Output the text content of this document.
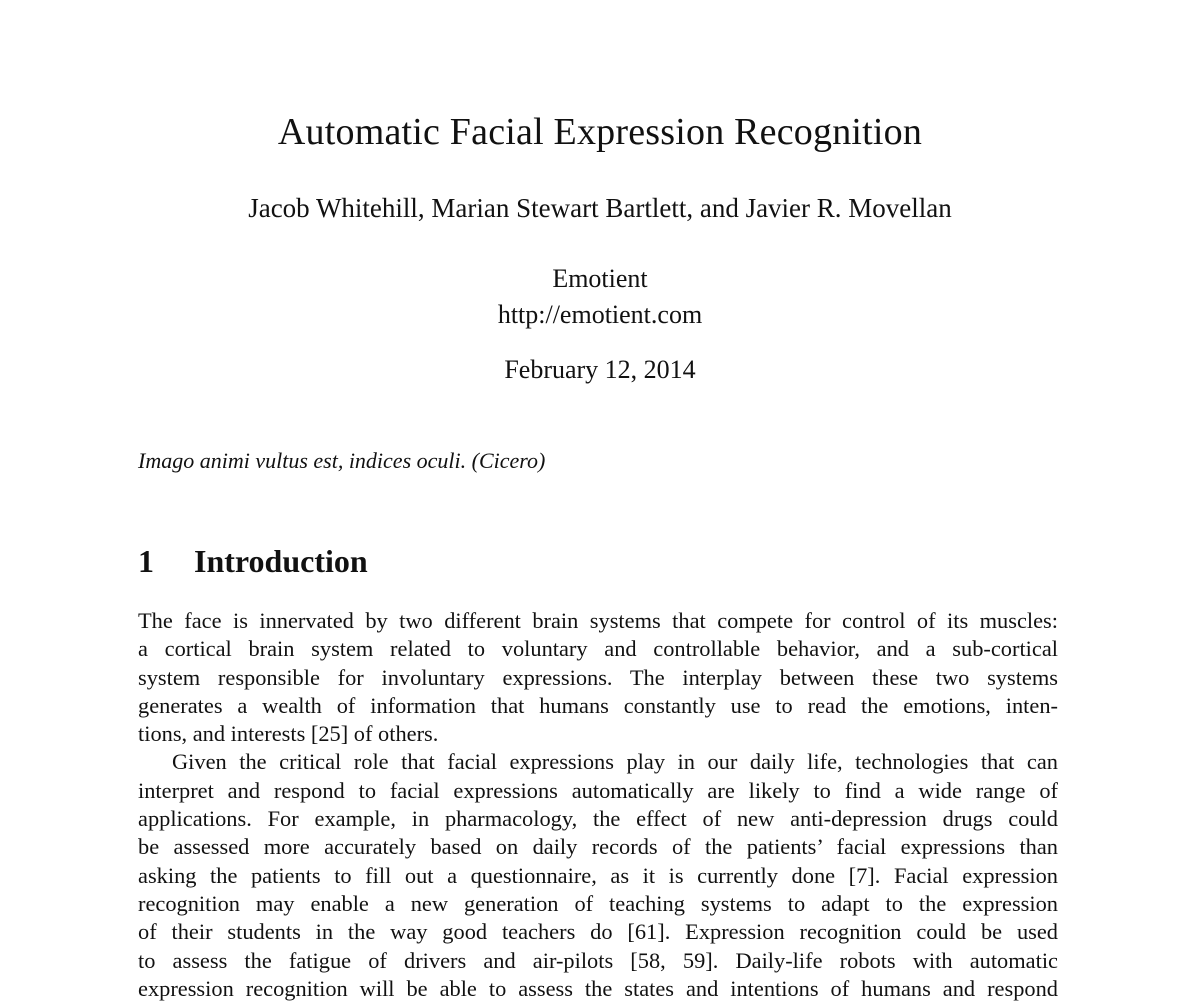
Automatic Facial Expression Recognition
Jacob Whitehill, Marian Stewart Bartlett, and Javier R. Movellan
Emotient
http://emotient.com
February 12, 2014
Imago animi vultus est, indices oculi. (Cicero)
1 Introduction
The face is innervated by two different brain systems that compete for control of its muscles:
a cortical brain system related to voluntary and controllable behavior, and a sub-cortical
system responsible for involuntary expressions. The interplay between these two systems
generates a wealth of information that humans constantly use to read the emotions, inten-
tions, and interests [25] of others.
Given the critical role that facial expressions play in our daily life, technologies that can
interpret and respond to facial expressions automatically are likely to find a wide range of
applications. For example, in pharmacology, the effect of new anti-depression drugs could
be assessed more accurately based on daily records of the patients’ facial expressions than
asking the patients to fill out a questionnaire, as it is currently done [7]. Facial expression
recognition may enable a new generation of teaching systems to adapt to the expression
of their students in the way good teachers do [61]. Expression recognition could be used
to assess the fatigue of drivers and air-pilots [58, 59]. Daily-life robots with automatic
expression recognition will be able to assess the states and intentions of humans and respond
